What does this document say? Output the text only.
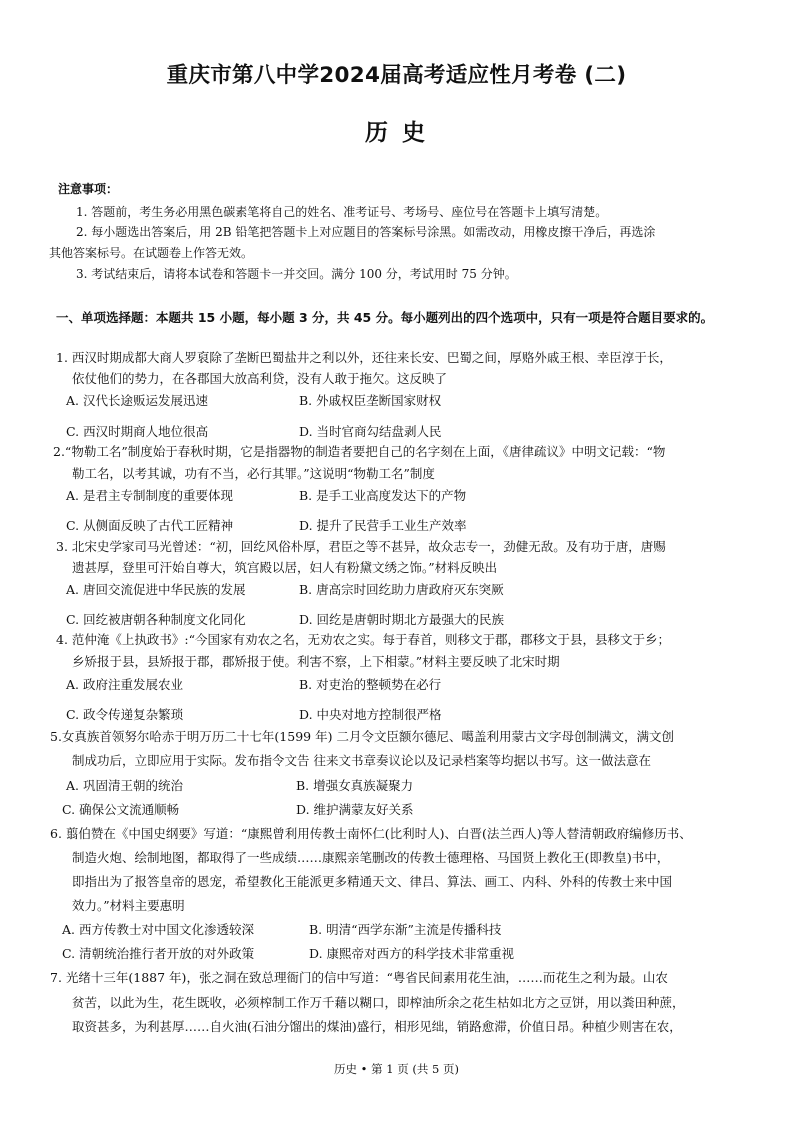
重庆市第八中学2024届高考适应性月考卷 (二)
历 史
注意事项：
1. 答题前，考生务必用黑色碳素笔将自己的姓名、准考证号、考场号、座位号在答题卡上填写清楚。
2. 每小题选出答案后，用 2B 铅笔把答题卡上对应题目的答案标号涂黑。如需改动，用橡皮擦干净后，再选涂
其他答案标号。在试题卷上作答无效。
3. 考试结束后，请将本试卷和答题卡一并交回。满分 100 分，考试用时 75 分钟。
一、单项选择题：本题共 15 小题，每小题 3 分，共 45 分。每小题列出的四个选项中，只有一项是符合题目要求的。
1. 西汉时期成都大商人罗裒除了垄断巴蜀盐井之利以外，还往来长安、巴蜀之间，厚赂外戚王根、幸臣淳于长，
依仗他们的势力，在各郡国大放高利贷，没有人敢于拖欠。这反映了
A. 汉代长途贩运发展迅速	B. 外戚权臣垄断国家财权
C. 西汉时期商人地位很高	D. 当时官商勾结盘剥人民
2.“物勒工名”制度始于春秋时期，它是指器物的制造者要把自己的名字刻在上面，《唐律疏议》中明文记载：“物
勒工名，以考其诚，功有不当，必行其罪。”这说明“物勒工名”制度
A. 是君主专制制度的重要体现	B. 是手工业高度发达下的产物
C. 从侧面反映了古代工匠精神	D. 提升了民营手工业生产效率
3. 北宋史学家司马光曾述：“初，回纥风俗朴厚，君臣之等不甚异，故众志专一，劲健无敌。及有功于唐，唐赐
遗甚厚，登里可汗始自尊大，筑宫殿以居，妇人有粉黛文绣之饰。”材料反映出
A. 唐回交流促进中华民族的发展	B. 唐高宗时回纥助力唐政府灭东突厥
C. 回纥被唐朝各种制度文化同化	D. 回纥是唐朝时期北方最强大的民族
4. 范仲淹《上执政书》:“今国家有劝农之名，无劝农之实。每于春首，则移文于郡，郡移文于县，县移文于乡；
乡矫报于县，县矫报于郡，郡矫报于使。利害不察，上下相蒙。”材料主要反映了北宋时期
A. 政府注重发展农业	B. 对吏治的整顿势在必行
C. 政令传递复杂繁琐	D. 中央对地方控制很严格
5.女真族首领努尔哈赤于明万历二十七年(1599 年) 二月令文臣额尔德尼、噶盖利用蒙古文字母创制满文，满文创
制成功后，立即应用于实际。发布指令文告 往来文书章奏议论以及记录档案等均据以书写。这一做法意在
A. 巩固清王朝的统治	B. 增强女真族凝聚力
C. 确保公文流通顺畅	D. 维护满蒙友好关系
6. 翦伯赞在《中国史纲要》写道：“康熙曾利用传教士南怀仁(比利时人)、白晋(法兰西人)等人替清朝政府编修历书、
制造火炮、绘制地图，都取得了一些成绩……康熙亲笔删改的传教士德理格、马国贤上教化王(即教皇)书中，
即指出为了报答皇帝的恩宠，希望教化王能派更多精通天文、律吕、算法、画工、内科、外科的传教士来中国
效力。”材料主要惠明
A. 西方传教士对中国文化渗透较深	B. 明清“西学东渐”主流是传播科技
C. 清朝统治推行者开放的对外政策	D. 康熙帝对西方的科学技术非常重视
7. 光绪十三年(1887 年)，张之洞在致总理衙门的信中写道：“粤省民间素用花生油，……而花生之利为最。山农
贫苦，以此为生，花生既收，必须榨制工作万千藉以糊口，即榨油所余之花生枯如北方之豆饼，用以粪田种蔗，
取资甚多，为利甚厚……自火油(石油分馏出的煤油)盛行，相形见绌，销路愈滞，价值日昂。种植少则害在农，
历史 • 第 1 页 (共 5 页)
